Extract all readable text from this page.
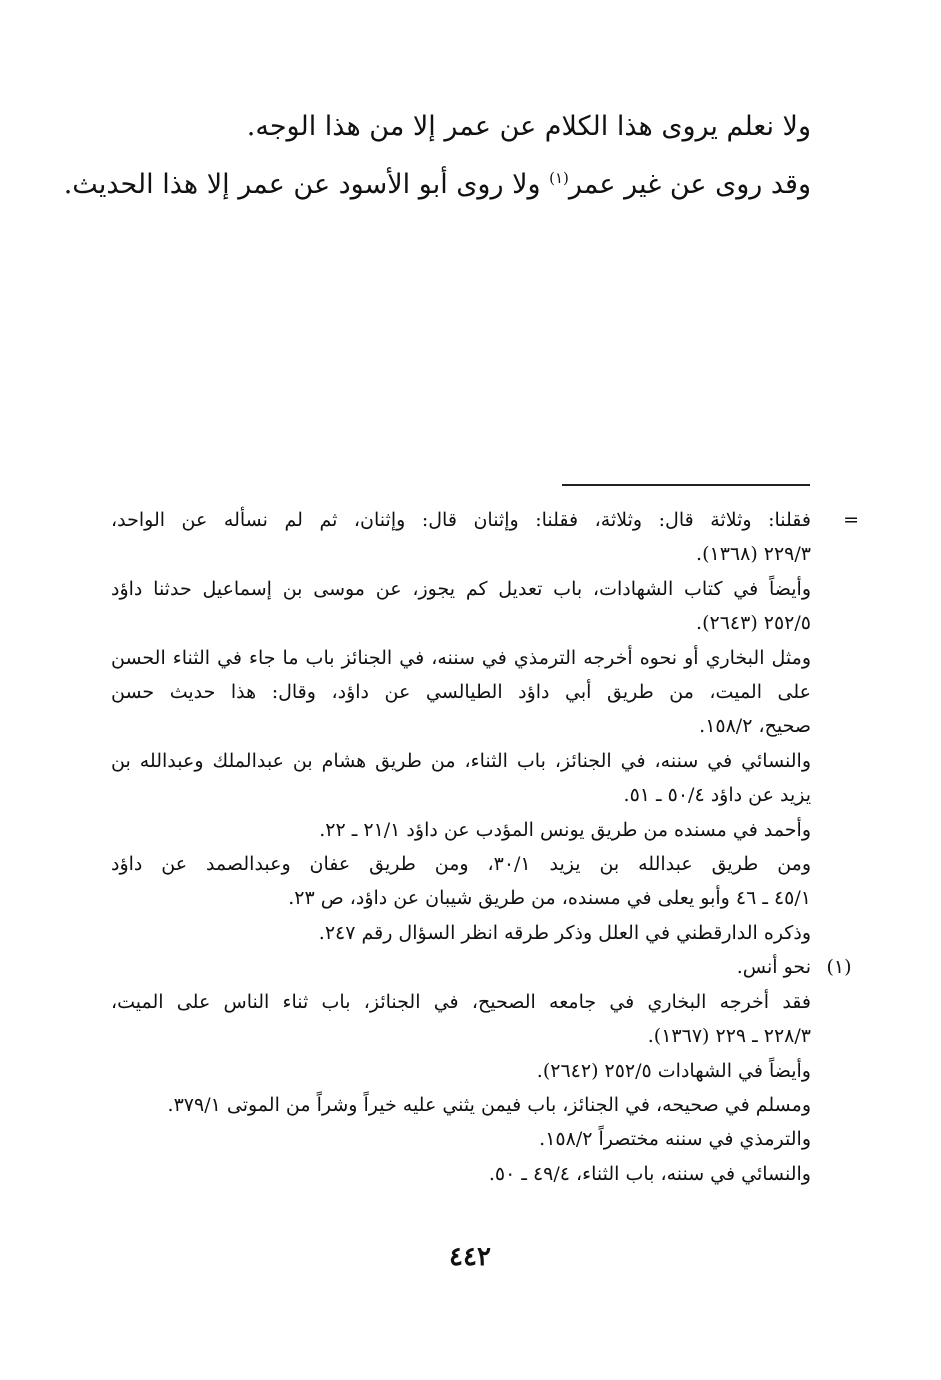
ولا نعلم يروى هذا الكلام عن عمر إلا من هذا الوجه.

وقد روى عن غير عمر$^{(١)}$ ولا روى أبو الأسود عن عمر إلا هذا الحديث.

=
فقلنا: وثلاثة قال: وثلاثة، فقلنا: وإثنان قال: وإثنان، ثم لم نسأله عن الواحد،

٢٢٩/٣ (١٣٦٨).

وأيضاً في كتاب الشهادات، باب تعديل كم يجوز، عن موسى بن إسماعيل حدثنا داؤد

٢٥٢/٥ (٢٦٤٣).

ومثل البخاري أو نحوه أخرجه الترمذي في سننه، في الجنائز باب ما جاء في الثناء الحسن

على الميت، من طريق أبي داؤد الطيالسي عن داؤد، وقال: هذا حديث حسن

صحيح، ١٥٨/٢.

والنسائي في سننه، في الجنائز، باب الثناء، من طريق هشام بن عبدالملك وعبدالله بن

يزيد عن داؤد ٥٠/٤ ـ ٥١.

وأحمد في مسنده من طريق يونس المؤدب عن داؤد ٢١/١ ـ ٢٢.

ومن طريق عبدالله بن يزيد ٣٠/١، ومن طريق عفان وعبدالصمد عن داؤد

٤٥/١ ـ ٤٦ وأبو يعلى في مسنده، من طريق شيبان عن داؤد، ص ٢٣.

وذكره الدارقطني في العلل وذكر طرقه انظر السؤال رقم ٢٤٧.

(١)
نحو أنس.

فقد أخرجه البخاري في جامعه الصحيح، في الجنائز، باب ثناء الناس على الميت،

٢٢٨/٣ ـ ٢٢٩ (١٣٦٧).

وأيضاً في الشهادات ٢٥٢/٥ (٢٦٤٢).

ومسلم في صحيحه، في الجنائز، باب فيمن يثني عليه خيراً وشراً من الموتى ٣٧٩/١.

والترمذي في سننه مختصراً ١٥٨/٢.

والنسائي في سننه، باب الثناء، ٤٩/٤ ـ ٥٠.

٤٤٢
